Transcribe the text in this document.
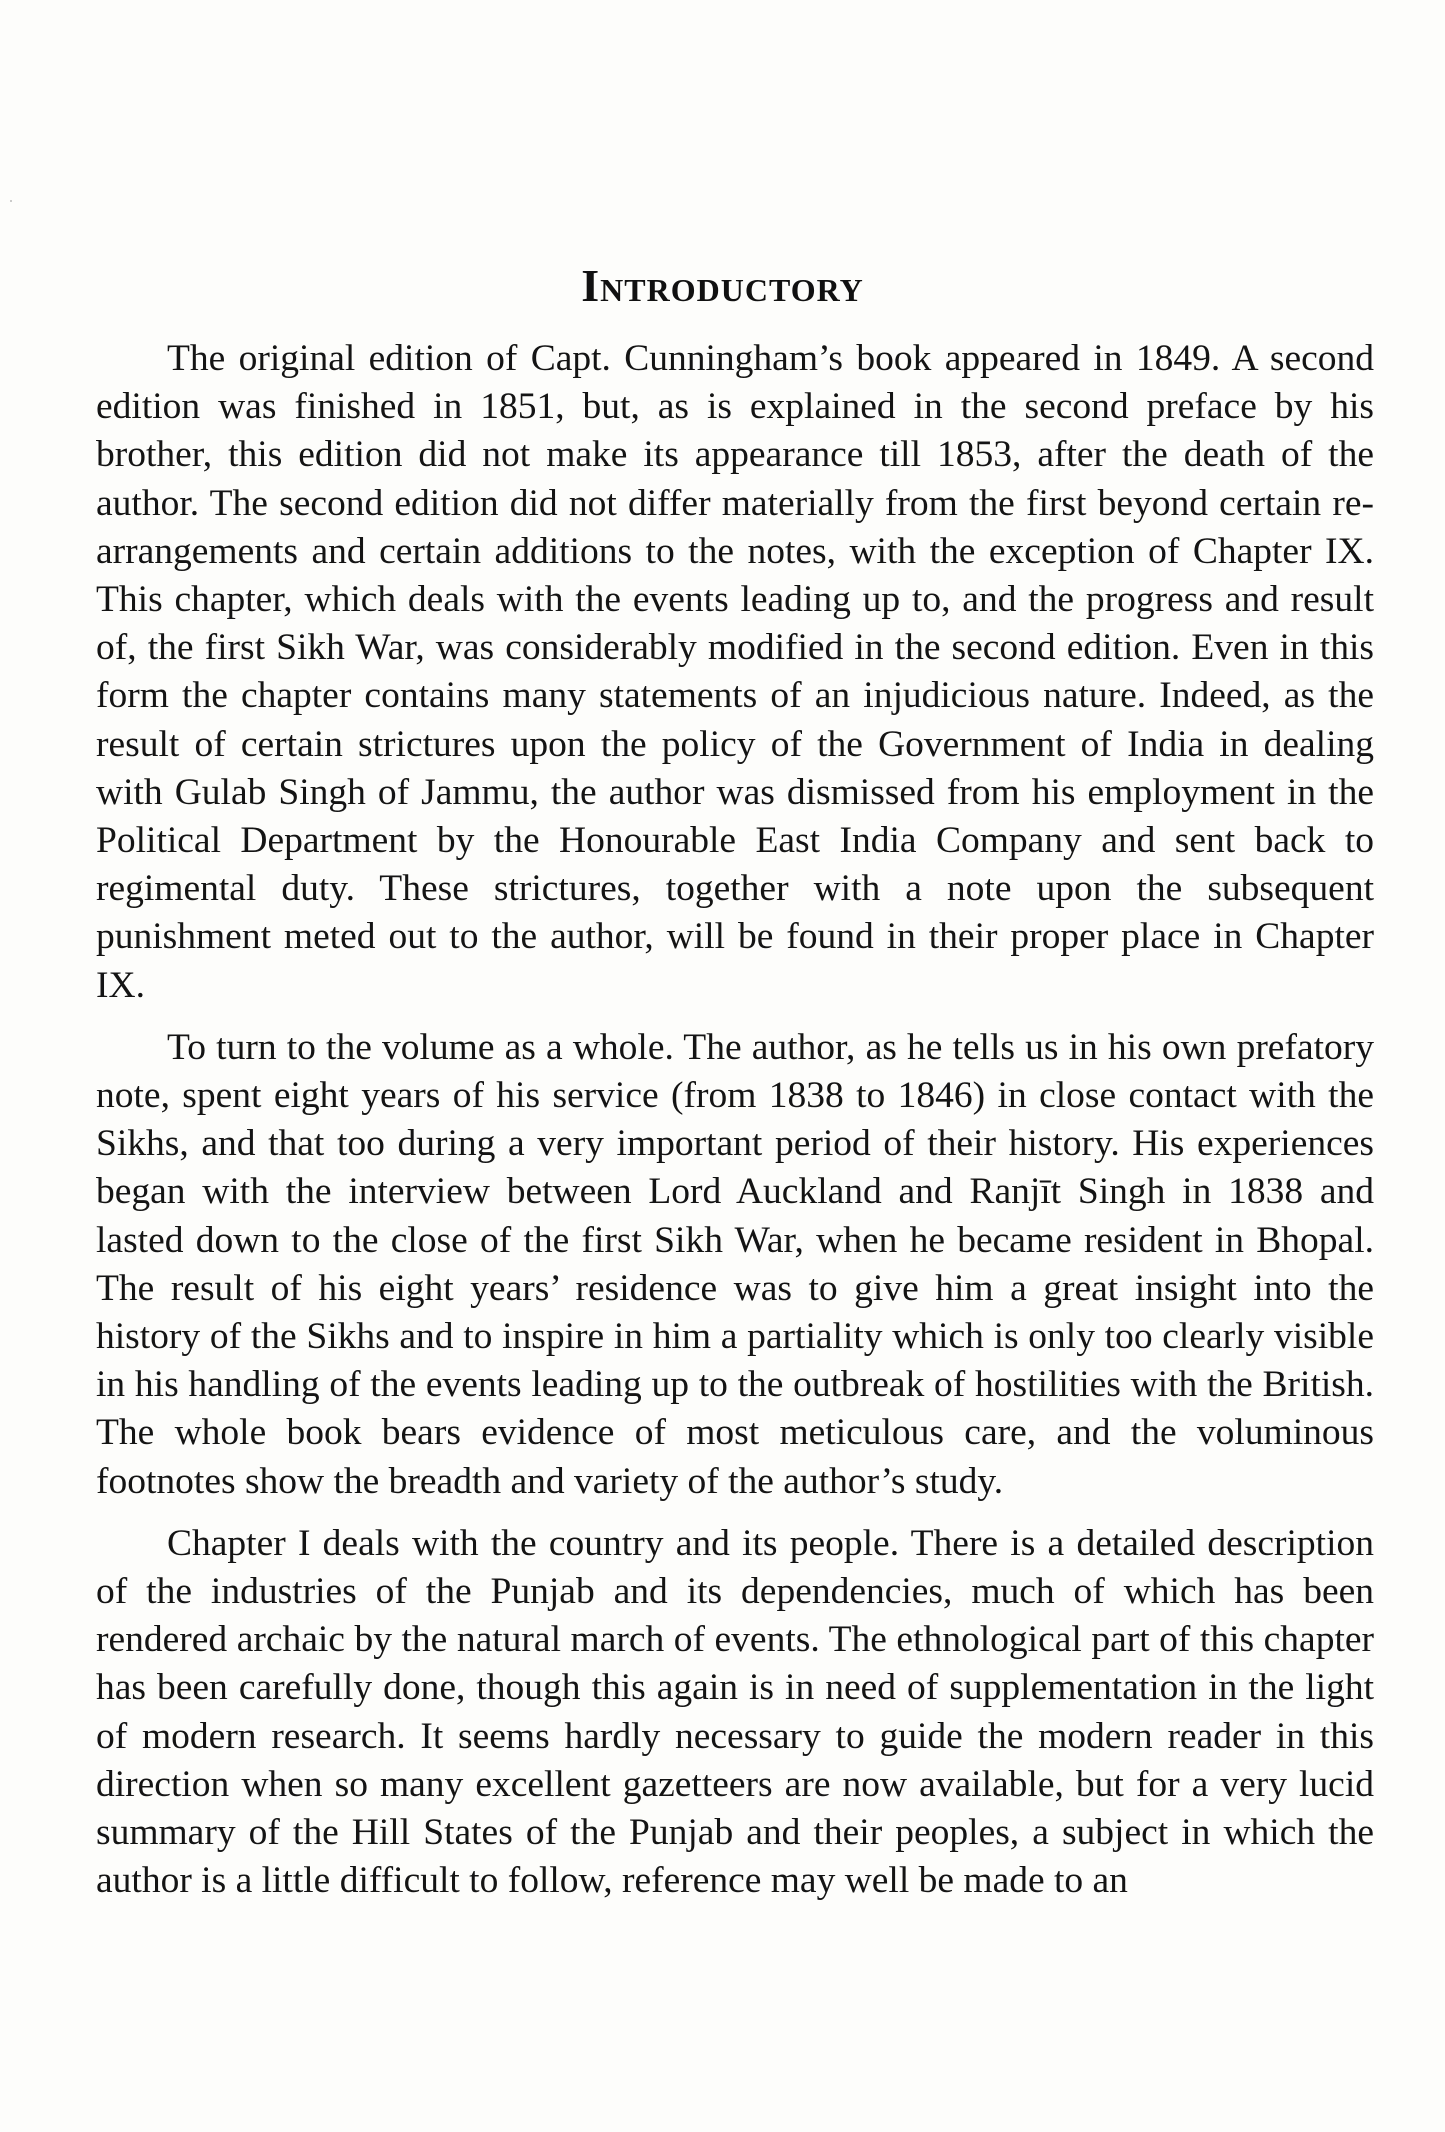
Introductory

The original edition of Capt. Cunningham’s book appeared in 1849. A second edition was finished in 1851, but, as is explained in the second preface by his brother, this edition did not make its appearance till 1853, after the death of the author. The second edition did not differ materially from the first beyond certain re-arrangements and certain additions to the notes, with the exception of Chapter IX. This chapter, which deals with the events leading up to, and the progress and result of, the first Sikh War, was considerably modified in the second edition. Even in this form the chapter contains many statements of an injudicious nature. Indeed, as the result of certain strictures upon the policy of the Government of India in dealing with Gulab Singh of Jammu, the author was dismissed from his employment in the Political Department by the Honourable East India Company and sent back to regimental duty. These strictures, together with a note upon the subsequent punishment meted out to the author, will be found in their proper place in Chapter IX.

To turn to the volume as a whole. The author, as he tells us in his own prefatory note, spent eight years of his service (from 1838 to 1846) in close contact with the Sikhs, and that too during a very important period of their history. His experiences began with the interview between Lord Auckland and Ranjīt Singh in 1838 and lasted down to the close of the first Sikh War, when he became resident in Bhopal. The result of his eight years’ residence was to give him a great insight into the history of the Sikhs and to inspire in him a partiality which is only too clearly visible in his handling of the events leading up to the outbreak of hostilities with the British. The whole book bears evidence of most meticulous care, and the voluminous footnotes show the breadth and variety of the author’s study.

Chapter I deals with the country and its people. There is a detailed description of the industries of the Punjab and its dependencies, much of which has been rendered archaic by the natural march of events. The ethnological part of this chapter has been carefully done, though this again is in need of supplementation in the light of modern research. It seems hardly necessary to guide the modern reader in this direction when so many excellent gazetteers are now available, but for a very lucid summary of the Hill States of the Punjab and their peoples, a subject in which the author is a little difficult to follow, reference may well be made to an
